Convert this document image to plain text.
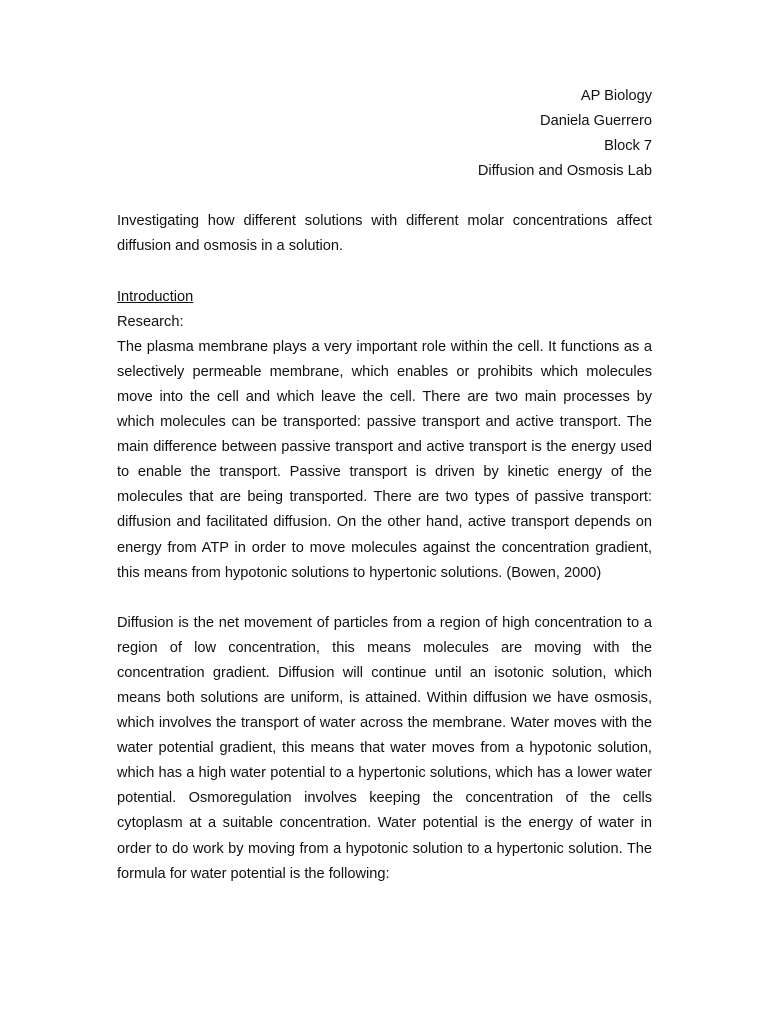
AP Biology
Daniela Guerrero
Block 7
Diffusion and Osmosis Lab

Investigating how different solutions with different molar concentrations affect diffusion and osmosis in a solution.

Introduction
Research:

The plasma membrane plays a very important role within the cell. It functions as a selectively permeable membrane, which enables or prohibits which molecules move into the cell and which leave the cell. There are two main processes by which molecules can be transported: passive transport and active transport. The main difference between passive transport and active transport is the energy used to enable the transport. Passive transport is driven by kinetic energy of the molecules that are being transported. There are two types of passive transport: diffusion and facilitated diffusion. On the other hand, active transport depends on energy from ATP in order to move molecules against the concentration gradient, this means from hypotonic solutions to hypertonic solutions. (Bowen, 2000)

Diffusion is the net movement of particles from a region of high concentration to a region of low concentration, this means molecules are moving with the concentration gradient. Diffusion will continue until an isotonic solution, which means both solutions are uniform, is attained. Within diffusion we have osmosis, which involves the transport of water across the membrane. Water moves with the water potential gradient, this means that water moves from a hypotonic solution, which has a high water potential to a hypertonic solutions, which has a lower water potential. Osmoregulation involves keeping the concentration of the cells cytoplasm at a suitable concentration. Water potential is the energy of water in order to do work by moving from a hypotonic solution to a hypertonic solution. The formula for water potential is the following:
